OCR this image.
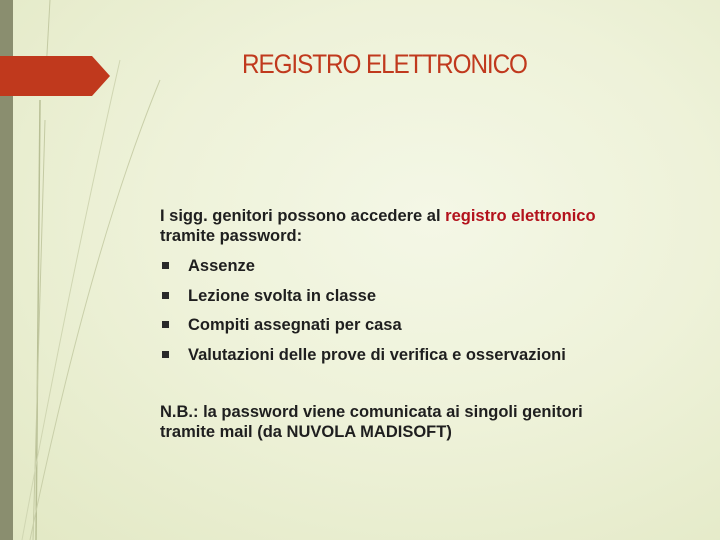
REGISTRO ELETTRONICO

I sigg. genitori possono accedere al registro elettronico
tramite password:

Assenze
Lezione svolta in classe
Compiti assegnati per casa
Valutazioni delle prove di verifica e osservazioni

N.B.: la password viene comunicata ai singoli genitori
tramite mail (da NUVOLA MADISOFT)
